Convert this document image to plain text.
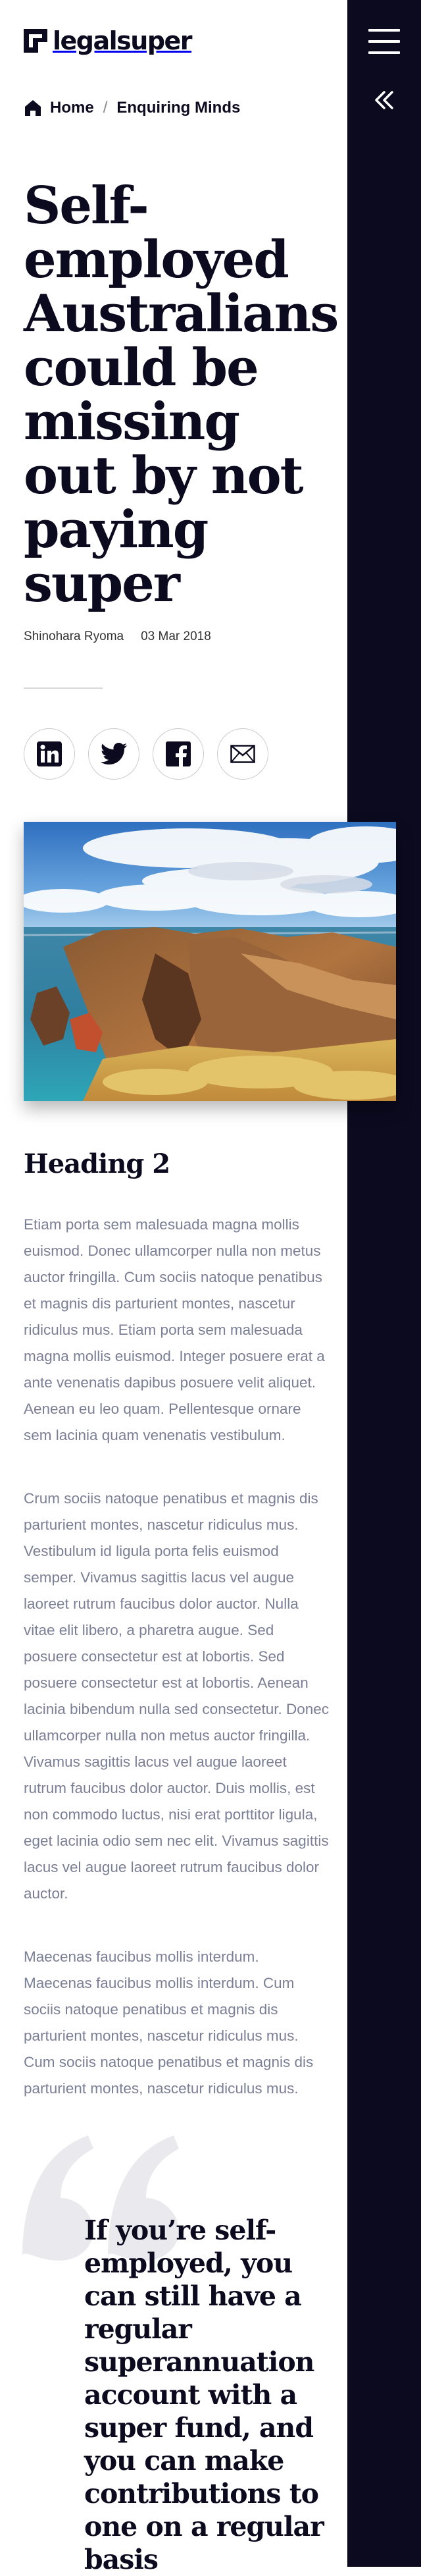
legalsuper
Home / Enquiring Minds
Self-employed Australians could be missing out by not paying super
Shinohara Ryoma 03 Mar 2018
Heading 2

Etiam porta sem malesuada magna mollis euismod. Donec ullamcorper nulla non metus auctor fringilla. Cum sociis natoque penatibus et magnis dis parturient montes, nascetur ridiculus mus. Etiam porta sem malesuada magna mollis euismod. Integer posuere erat a ante venenatis dapibus posuere velit aliquet. Aenean eu leo quam. Pellentesque ornare sem lacinia quam venenatis vestibulum.

Crum sociis natoque penatibus et magnis dis parturient montes, nascetur ridiculus mus. Vestibulum id ligula porta felis euismod semper. Vivamus sagittis lacus vel augue laoreet rutrum faucibus dolor auctor. Nulla vitae elit libero, a pharetra augue. Sed posuere consectetur est at lobortis. Sed posuere consectetur est at lobortis. Aenean lacinia bibendum nulla sed consectetur. Donec ullamcorper nulla non metus auctor fringilla. Vivamus sagittis lacus vel augue laoreet rutrum faucibus dolor auctor. Duis mollis, est non commodo luctus, nisi erat porttitor ligula, eget lacinia odio sem nec elit. Vivamus sagittis lacus vel augue laoreet rutrum faucibus dolor auctor.

Maecenas faucibus mollis interdum. Maecenas faucibus mollis interdum. Cum sociis natoque penatibus et magnis dis parturient montes, nascetur ridiculus mus. Cum sociis natoque penatibus et magnis dis parturient montes, nascetur ridiculus mus.

If you’re self-employed, you can still have a regular superannuation account with a super fund, and you can make contributions to one on a regular basis
